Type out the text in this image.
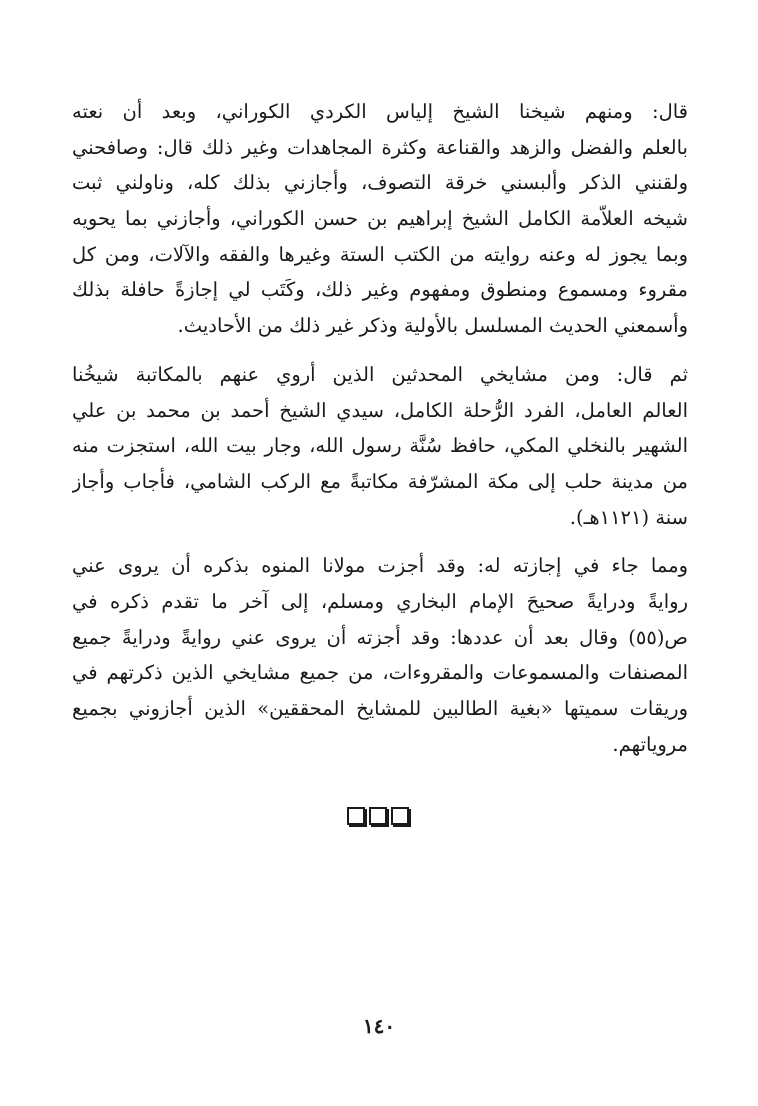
قال: ومنهم شيخنا الشيخ إلياس الكردي الكوراني، وبعد أن نعته
بالعلم والفضل والزهد والقناعة وكثرة المجاهدات وغير ذلك قال: وصافحني
ولقنني الذكر وألبسني خرقة التصوف، وأجازني بذلك كله، وناولني ثبت
شيخه العلاّمة الكامل الشيخ إبراهيم بن حسن الكوراني، وأجازني بما يحويه
وبما يجوز له وعنه روايته من الكتب الستة وغيرها والفقه والآلات، ومن كل
مقروء ومسموع ومنطوق ومفهوم وغير ذلك، وكَتَب لي إجازةً حافلة بذلك
وأسمعني الحديث المسلسل بالأولية وذكر غير ذلك من الأحاديث.
ثم قال: ومن مشايخي المحدثين الذين أروي عنهم بالمكاتبة شيخُنا
العالم العامل، الفرد الرُّحلة الكامل، سيدي الشيخ أحمد بن محمد بن علي
الشهير بالنخلي المكي، حافظ سُنَّة رسول الله، وجار بيت الله، استجزت منه
من مدينة حلب إلى مكة المشرّفة مكاتبةً مع الركب الشامي، فأجاب وأجاز
سنة (١١٢١هـ).
ومما جاء في إجازته له: وقد أجزت مولانا المنوه بذكره أن يروى عني
روايةً ودرايةً صحيحَ الإمام البخاري ومسلم، إلى آخر ما تقدم ذكره في
ص(٥٥) وقال بعد أن عددها: وقد أجزته أن يروى عني روايةً ودرايةً جميع
المصنفات والمسموعات والمقروءات، من جميع مشايخي الذين ذكرتهم في
وريقات سميتها «بغية الطالبين للمشايخ المحققين» الذين أجازوني بجميع
مروياتهم.
١٤٠
